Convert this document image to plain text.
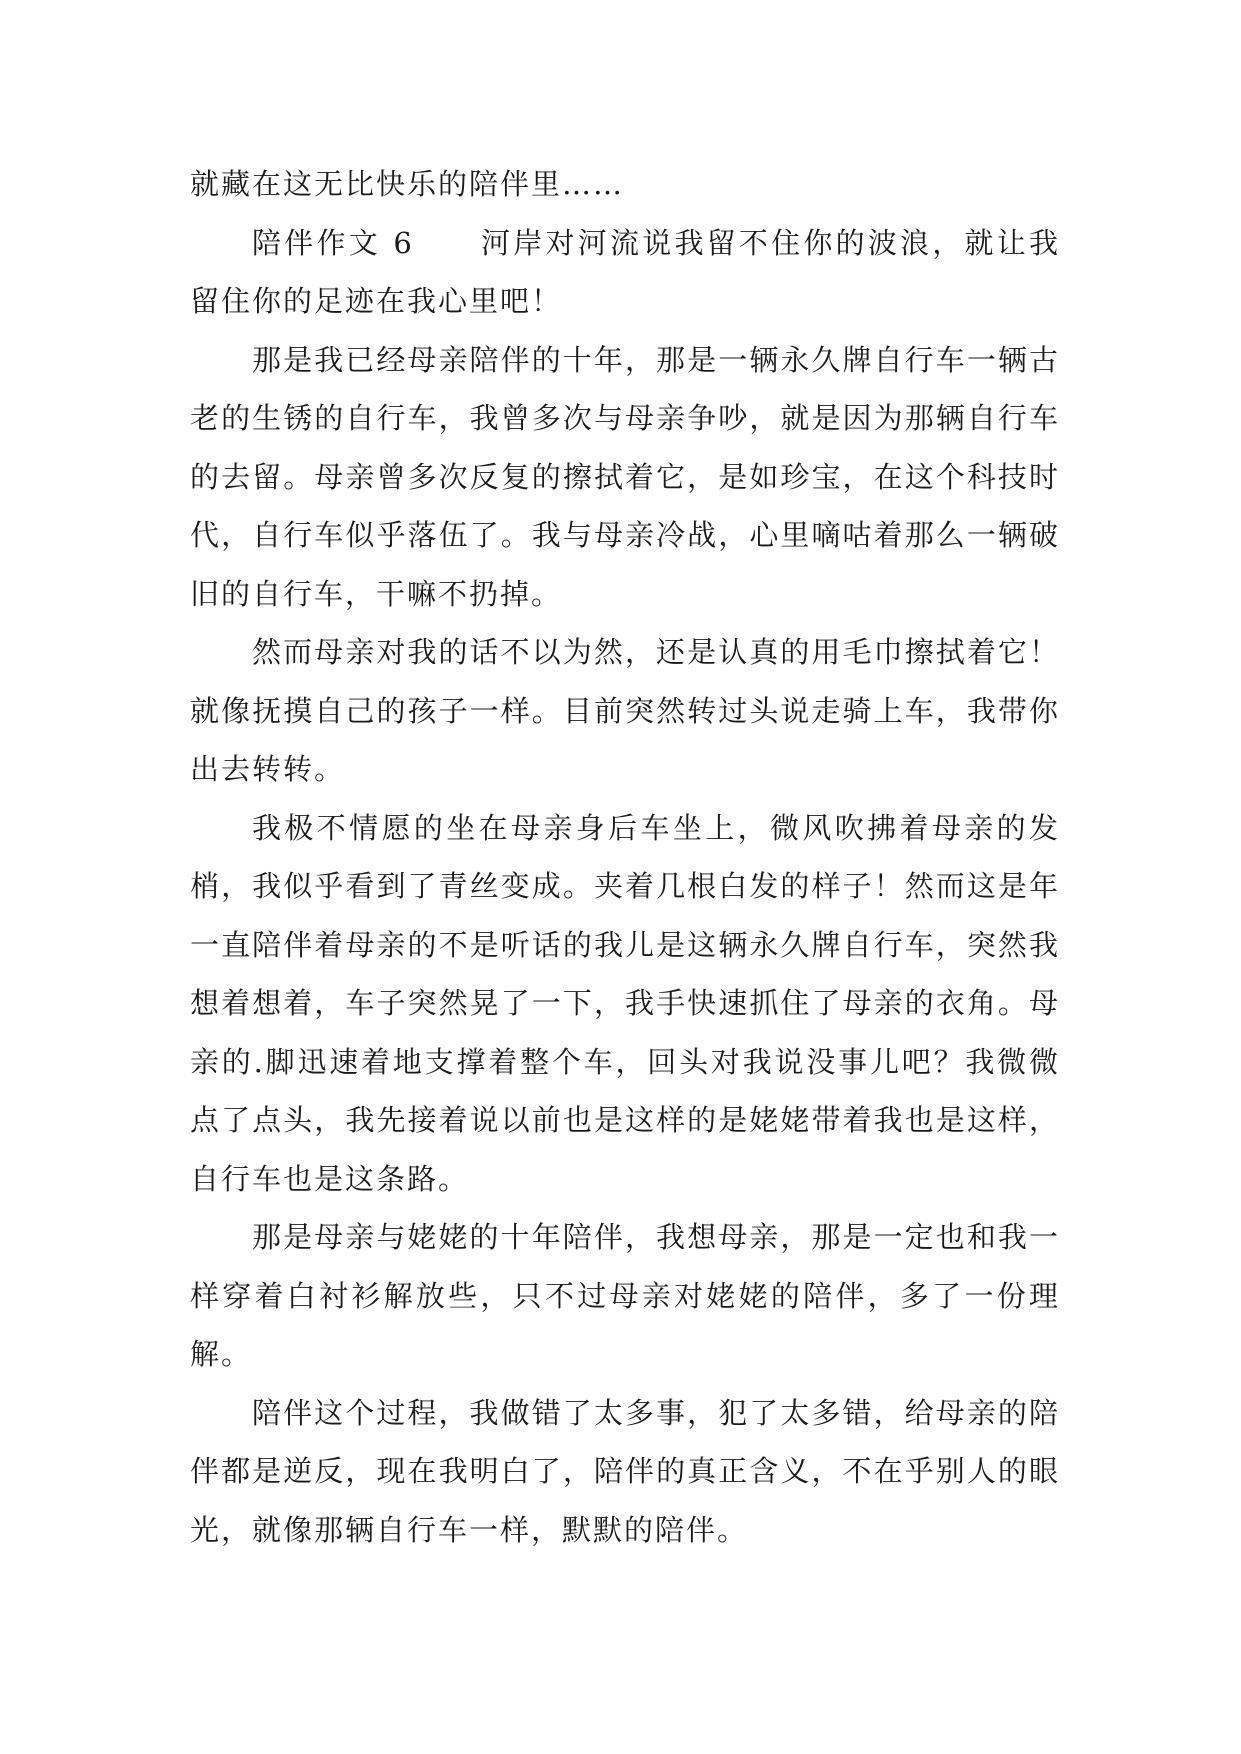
就藏在这无比快乐的陪伴里……

陪伴作文 6 河岸对河流说我留不住你的波浪，就让我留住你的足迹在我心里吧！

那是我已经母亲陪伴的十年，那是一辆永久牌自行车一辆古老的生锈的自行车，我曾多次与母亲争吵，就是因为那辆自行车的去留。母亲曾多次反复的擦拭着它，是如珍宝，在这个科技时代，自行车似乎落伍了。我与母亲冷战，心里嘀咕着那么一辆破旧的自行车，干嘛不扔掉。

然而母亲对我的话不以为然，还是认真的用毛巾擦拭着它！就像抚摸自己的孩子一样。目前突然转过头说走骑上车，我带你出去转转。

我极不情愿的坐在母亲身后车坐上，微风吹拂着母亲的发梢，我似乎看到了青丝变成。夹着几根白发的样子！然而这是年一直陪伴着母亲的不是听话的我儿是这辆永久牌自行车，突然我想着想着，车子突然晃了一下，我手快速抓住了母亲的衣角。母亲的.脚迅速着地支撑着整个车，回头对我说没事儿吧？我微微点了点头，我先接着说以前也是这样的是姥姥带着我也是这样，自行车也是这条路。

那是母亲与姥姥的十年陪伴，我想母亲，那是一定也和我一样穿着白衬衫解放些，只不过母亲对姥姥的陪伴，多了一份理解。

陪伴这个过程，我做错了太多事，犯了太多错，给母亲的陪伴都是逆反，现在我明白了，陪伴的真正含义，不在乎别人的眼光，就像那辆自行车一样，默默的陪伴。
